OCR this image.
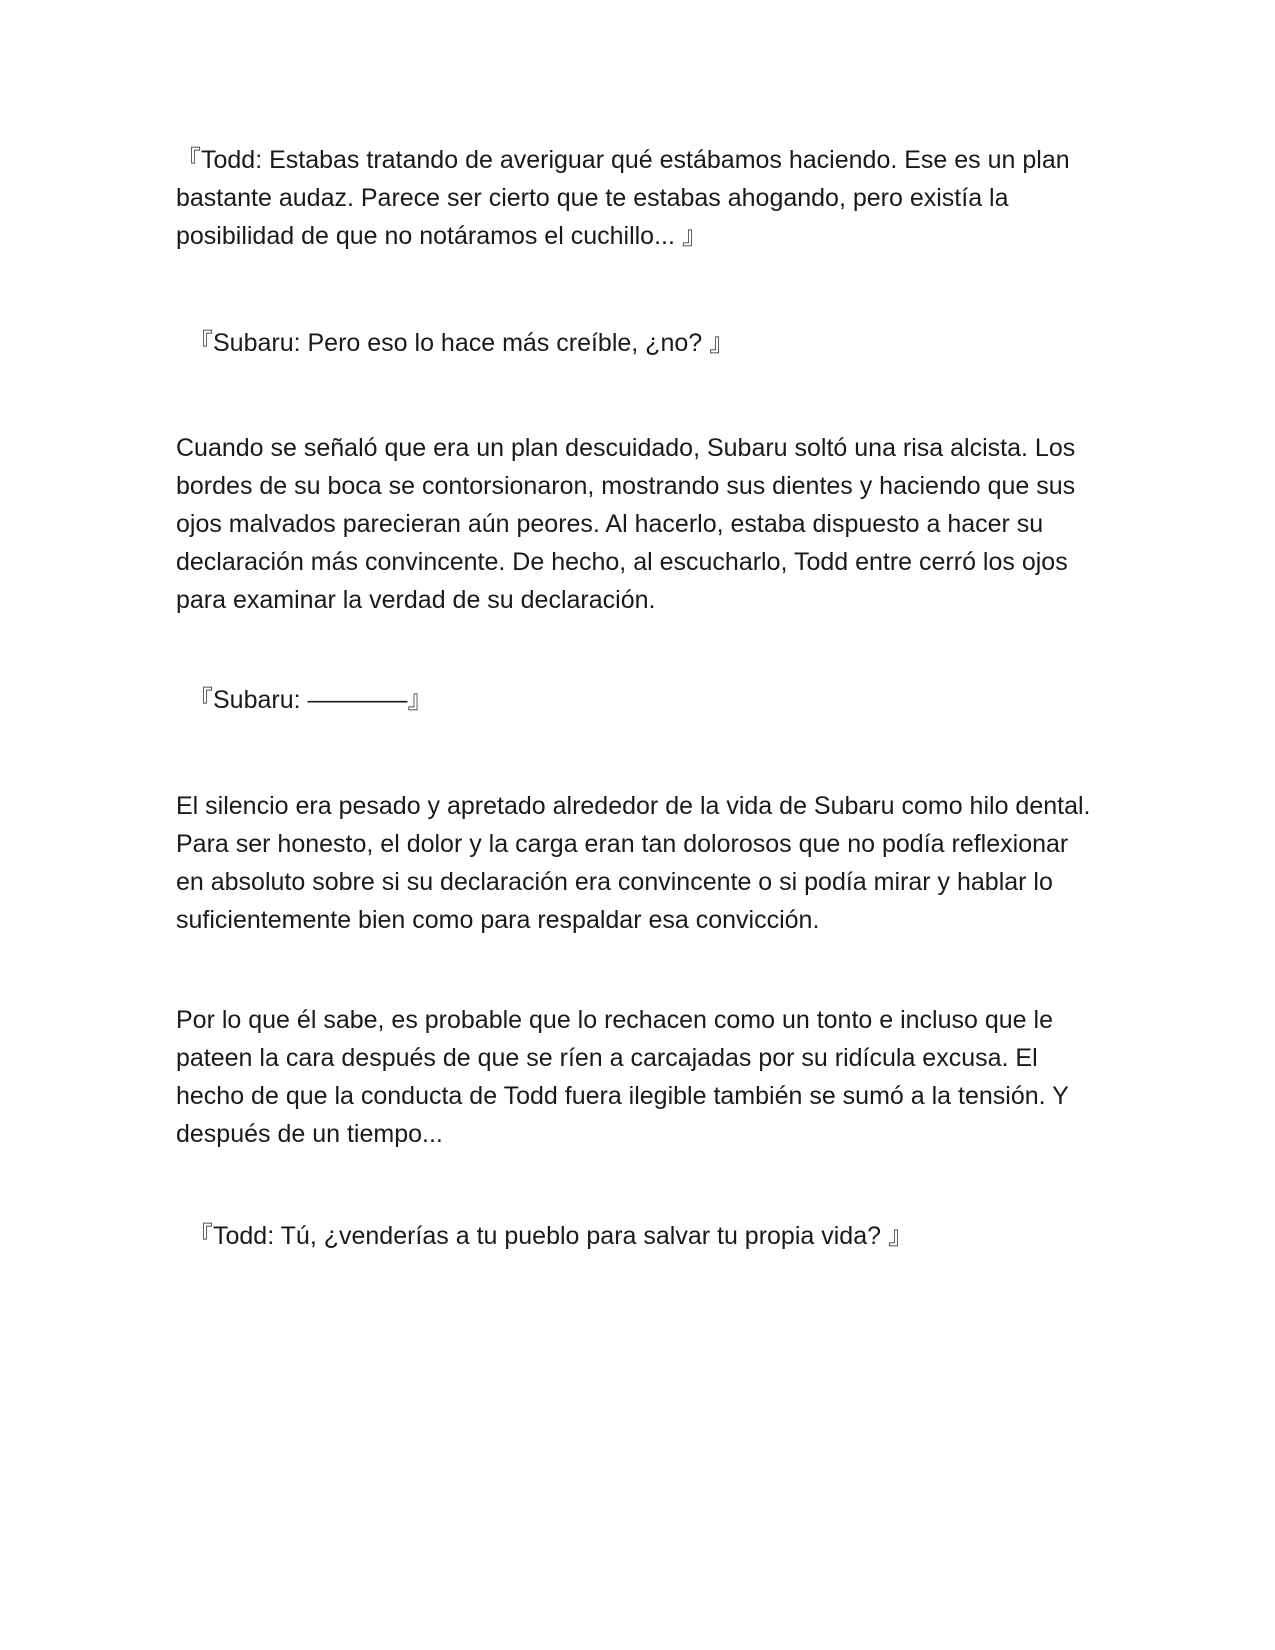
『Todd: Estabas tratando de averiguar qué estábamos haciendo. Ese es un plan bastante audaz. Parece ser cierto que te estabas ahogando, pero existía la posibilidad de que no notáramos el cuchillo... 』

『Subaru: Pero eso lo hace más creíble, ¿no? 』

Cuando se señaló que era un plan descuidado, Subaru soltó una risa alcista. Los bordes de su boca se contorsionaron, mostrando sus dientes y haciendo que sus ojos malvados parecieran aún peores. Al hacerlo, estaba dispuesto a hacer su declaración más convincente. De hecho, al escucharlo, Todd entre cerró los ojos para examinar la verdad de su declaración.

『Subaru: ————』

El silencio era pesado y apretado alrededor de la vida de Subaru como hilo dental. Para ser honesto, el dolor y la carga eran tan dolorosos que no podía reflexionar en absoluto sobre si su declaración era convincente o si podía mirar y hablar lo suficientemente bien como para respaldar esa convicción.

Por lo que él sabe, es probable que lo rechacen como un tonto e incluso que le pateen la cara después de que se ríen a carcajadas por su ridícula excusa. El hecho de que la conducta de Todd fuera ilegible también se sumó a la tensión. Y después de un tiempo...

『Todd: Tú, ¿venderías a tu pueblo para salvar tu propia vida? 』
